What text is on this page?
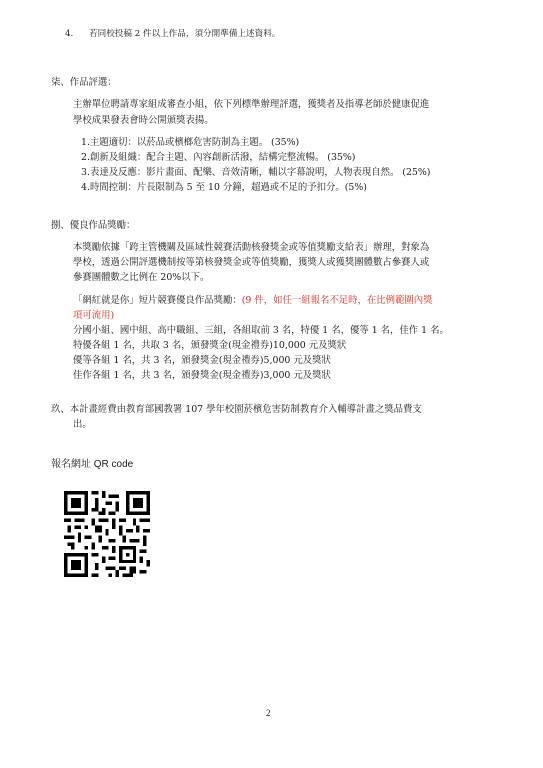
4. 若同校投稿 2 件以上作品，須分開準備上述資料。
柒、作品評選：
主辦單位聘請專家組成審查小組，依下列標準辦理評選，獲獎者及指導老師於健康促進
學校成果發表會時公開頒獎表揚。
1.主題適切：以菸品或檳榔危害防制為主題。 (35%)
2.創新及組織：配合主題、內容創新活潑，結構完整流暢。 (35%)
3.表達及反應：影片畫面、配樂、音效清晰，輔以字幕說明，人物表現自然。 (25%)
4.時間控制：片長限制為 5 至 10 分鐘，超過或不足的予扣分。(5%)
捌、優良作品獎勵：
本獎勵依據「跨主管機關及區域性競賽活動核發獎金或等值獎勵支給表」辦理，對象為
學校，透過公開評選機制按等第核發獎金或等值獎勵，獲獎人或獲獎團體數占參賽人或
參賽團體數之比例在 20%以下。
「網紅就是你」短片競賽優良作品獎勵：(9 件，如任一組報名不足時，在比例範圍內獎
項可流用)
分國小組、國中組、高中職組、三組，各組取前 3 名，特優 1 名，優等 1 名，佳作 1 名。
特優各組 1 名，共取 3 名，頒發獎金(現金禮券)10,000 元及獎狀
優等各組 1 名，共 3 名，頒發獎金(現金禮券)5,000 元及獎狀
佳作各組 1 名，共 3 名，頒發獎金(現金禮券)3,000 元及獎狀
玖、本計畫經費由教育部國教署 107 學年校園菸檳危害防制教育介入輔導計畫之獎品費支
出。
報名網址 QR code
2
